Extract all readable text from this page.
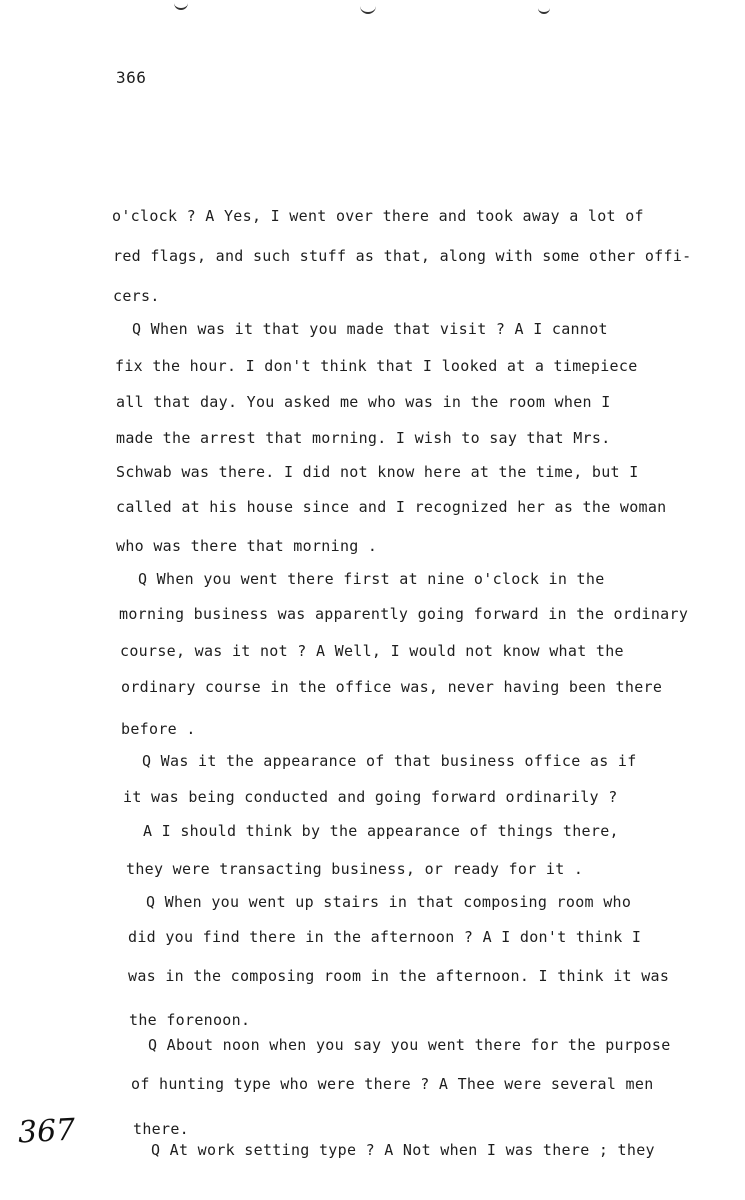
366
o'clock ? A Yes, I went over there and took away a lot of
red flags, and such stuff as that, along with some other offi-
cers.
Q When was it that you made that visit ? A I cannot
fix the hour. I don't think that I looked at a timepiece
all that day. You asked me who was in the room when I
made the arrest that morning. I wish to say that Mrs.
Schwab was there. I did not know here at the time, but I
called at his house since and I recognized her as the woman
who was there that morning .
Q When you went there first at nine o'clock in the
morning business was apparently going forward in the ordinary
course, was it not ? A Well, I would not know what the
ordinary course in the office was, never having been there
before .
Q Was it the appearance of that business office as if
it was being conducted and going forward ordinarily ?
A I should think by the appearance of things there,
they were transacting business, or ready for it .
Q When you went up stairs in that composing room who
did you find there in the afternoon ? A I don't think I
was in the composing room in the afternoon. I think it was
the forenoon.
Q About noon when you say you went there for the purpose
of hunting type who were there ? A Thee were several men
there.
Q At work setting type ? A Not when I was there ; they
367
